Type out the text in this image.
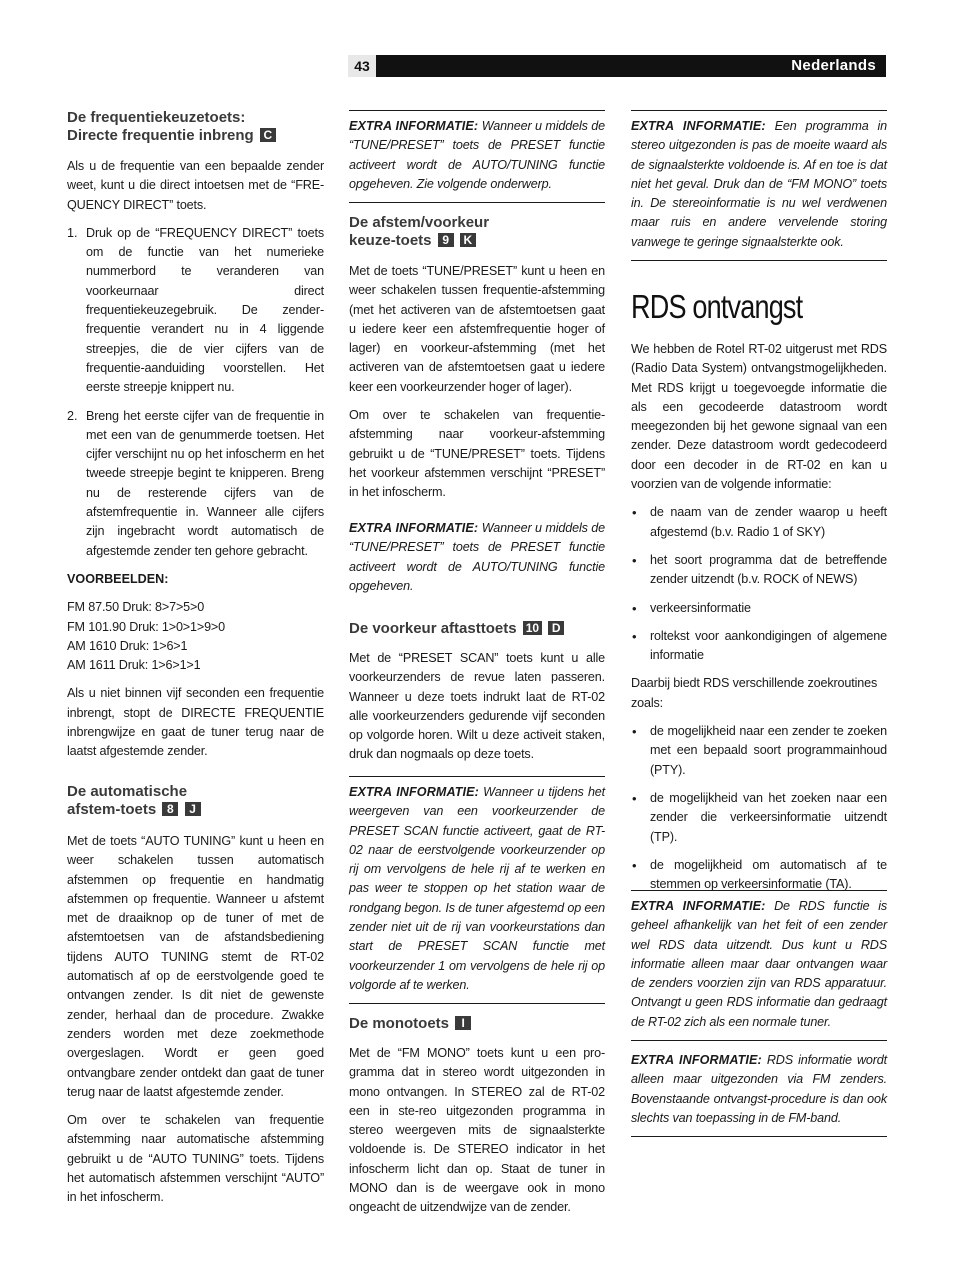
43	Nederlands
De frequentiekeuzetoets:
Directe frequentie inbreng C

Als u de frequentie van een bepaalde zender weet, kunt u die direct intoetsen met de “FRE-QUENCY DIRECT” toets.

1. Druk op de “FREQUENCY DIRECT” toets om de functie van het numerieke nummerbord te veranderen van voorkeurnaar direct frequentiekeuzegebruik. De zender-frequentie verandert nu in 4 liggende streepjes, die de vier cijfers van de frequentie-aanduiding voorstellen. Het eerste streepje knippert nu.

2. Breng het eerste cijfer van de frequentie in met een van de genummerde toetsen. Het cijfer verschijnt nu op het infoscherm en het tweede streepje begint te knipperen. Breng nu de resterende cijfers van de afstemfrequentie in. Wanneer alle cijfers zijn ingebracht wordt automatisch de afgestemde zender ten gehore gebracht.

VOORBEELDEN:

FM 87.50 Druk: 8>7>5>0

FM 101.90 Druk: 1>0>1>9>0

AM 1610 Druk: 1>6>1

AM 1611 Druk: 1>6>1>1

Als u niet binnen vijf seconden een frequentie inbrengt, stopt de DIRECTE FREQUENTIE inbrengwijze en gaat de tuner terug naar de laatst afgestemde zender.

De automatische
afstem-toets 8 J

Met de toets “AUTO TUNING” kunt u heen en weer schakelen tussen automatisch afstemmen op frequentie en handmatig afstemmen op frequentie. Wanneer u afstemt met de draaiknop op de tuner of met de afstemtoetsen van de afstandsbediening tijdens AUTO TUNING stemt de RT-02 automatisch af op de eerstvolgende goed te ontvangen zender. Is dit niet de gewenste zender, herhaal dan de procedure. Zwakke zenders worden met deze zoekmethode overgeslagen. Wordt er geen goed ontvangbare zender ontdekt dan gaat de tuner terug naar de laatst afgestemde zender.

Om over te schakelen van frequentie afstemming naar automatische afstemming gebruikt u de “AUTO TUNING” toets. Tijdens het automatisch afstemmen verschijnt “AUTO” in het infoscherm.

EXTRA INFORMATIE: Wanneer u middels de “TUNE/PRESET” toets de PRESET functie activeert wordt de AUTO/TUNING functie opgeheven. Zie volgende onderwerp.

De afstem/voorkeur
keuze-toets 9 K

Met de toets “TUNE/PRESET” kunt u heen en weer schakelen tussen frequentie-afstemming (met het activeren van de afstemtoetsen gaat u iedere keer een afstemfrequentie hoger of lager) en voorkeur-afstemming (met het activeren van de afstemtoetsen gaat u iedere keer een voorkeurzender hoger of lager).

Om over te schakelen van frequentie-afstemming naar voorkeur-afstemming gebruikt u de “TUNE/PRESET” toets. Tijdens het voorkeur afstemmen verschijnt “PRESET” in het infoscherm.

EXTRA INFORMATIE: Wanneer u middels de “TUNE/PRESET” toets de PRESET functie activeert wordt de AUTO/TUNING functie opgeheven.

De voorkeur aftasttoets 10 D

Met de “PRESET SCAN” toets kunt u alle voorkeurzenders de revue laten passeren. Wanneer u deze toets indrukt laat de RT-02 alle voorkeurzenders gedurende vijf seconden op volgorde horen. Wilt u deze activeit staken, druk dan nogmaals op deze toets.

EXTRA INFORMATIE: Wanneer u tijdens het weergeven van een voorkeurzender de PRESET SCAN functie activeert, gaat de RT-02 naar de eerstvolgende voorkeurzender op rij om vervolgens de hele rij af te werken en pas weer te stoppen op het station waar de rondgang begon. Is de tuner afgestemd op een zender niet uit de rij van voorkeurstations dan start de PRESET SCAN functie met voorkeurzender 1 om vervolgens de hele rij op volgorde af te werken.

De monotoets I

Met de “FM MONO” toets kunt u een pro-gramma dat in stereo wordt uitgezonden in mono ontvangen. In STEREO zal de RT-02 een in ste-reo uitgezonden programma in stereo weergeven mits de signaalsterkte voldoende is. De STEREO indicator in het infoscherm licht dan op. Staat de tuner in MONO dan is de weergave ook in mono ongeacht de uitzendwijze van de zender.

EXTRA INFORMATIE: Een programma in stereo uitgezonden is pas de moeite waard als de signaalsterkte voldoende is. Af en toe is dat niet het geval. Druk dan de “FM MONO” toets in. De stereoinformatie is nu wel verdwenen maar ruis en andere vervelende storing vanwege te geringe signaalsterkte ook.

RDS ontvangst

We hebben de Rotel RT-02 uitgerust met RDS (Radio Data System) ontvangstmogelijkheden. Met RDS krijgt u toegevoegde informatie die als een gecodeerde datastroom wordt meegezonden bij het gewone signaal van een zender. Deze datastroom wordt gedecodeerd door een decoder in de RT-02 en kan u voorzien van de volgende informatie:

• de naam van de zender waarop u heeft afgestemd (b.v. Radio 1 of SKY)

• het soort programma dat de betreffende zender uitzendt (b.v. ROCK of NEWS)

• verkeersinformatie

• roltekst voor aankondigingen of algemene informatie

Daarbij biedt RDS verschillende zoekroutines zoals:

• de mogelijkheid naar een zender te zoeken met een bepaald soort programmainhoud (PTY).

• de mogelijkheid van het zoeken naar een zender die verkeersinformatie uitzendt (TP).

• de mogelijkheid om automatisch af te stemmen op verkeersinformatie (TA).

EXTRA INFORMATIE: De RDS functie is geheel afhankelijk van het feit of een zender wel RDS data uitzendt. Dus kunt u RDS informatie alleen maar daar ontvangen waar de zenders voorzien zijn van RDS apparatuur. Ontvangt u geen RDS informatie dan gedraagt de RT-02 zich als een normale tuner.

EXTRA INFORMATIE: RDS informatie wordt alleen maar uitgezonden via FM zenders. Bovenstaande ontvangst-procedure is dan ook slechts van toepassing in de FM-band.
